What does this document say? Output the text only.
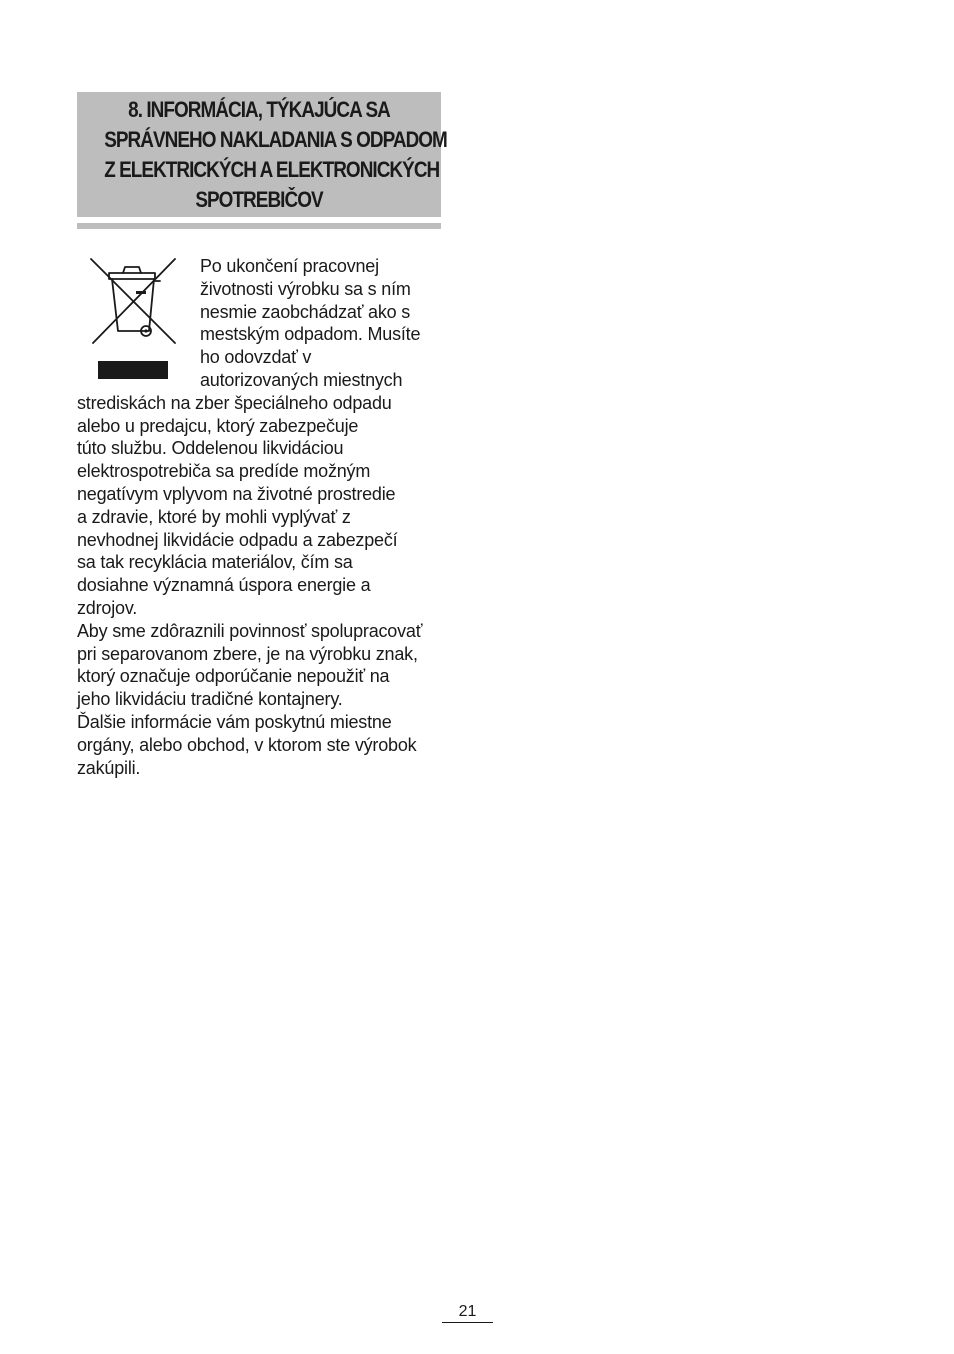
8. INFORMÁCIA, TÝKAJÚCA SA
SPRÁVNEHO NAKLADANIA S ODPADOM
Z ELEKTRICKÝCH A ELEKTRONICKÝCH
SPOTREBIČOV
Po ukončení pracovnej
životnosti výrobku sa s ním
nesmie zaobchádzať ako s
mestským odpadom. Musíte
ho odovzdať v
autorizovaných miestnych
strediskách na zber špeciálneho odpadu
alebo u predajcu, ktorý zabezpečuje
túto službu. Oddelenou likvidáciou
elektrospotrebiča sa predíde možným
negatívym vplyvom na životné prostredie
a zdravie, ktoré by mohli vyplývať z
nevhodnej likvidácie odpadu a zabezpečí
sa tak recyklácia materiálov, čím sa
dosiahne významná úspora energie a
zdrojov.
Aby sme zdôraznili povinnosť spolupracovať
pri separovanom zbere, je na výrobku znak,
ktorý označuje odporúčanie nepoužiť na
jeho likvidáciu tradičné kontajnery.
Ďalšie informácie vám poskytnú miestne
orgány, alebo obchod, v ktorom ste výrobok
zakúpili.
21
